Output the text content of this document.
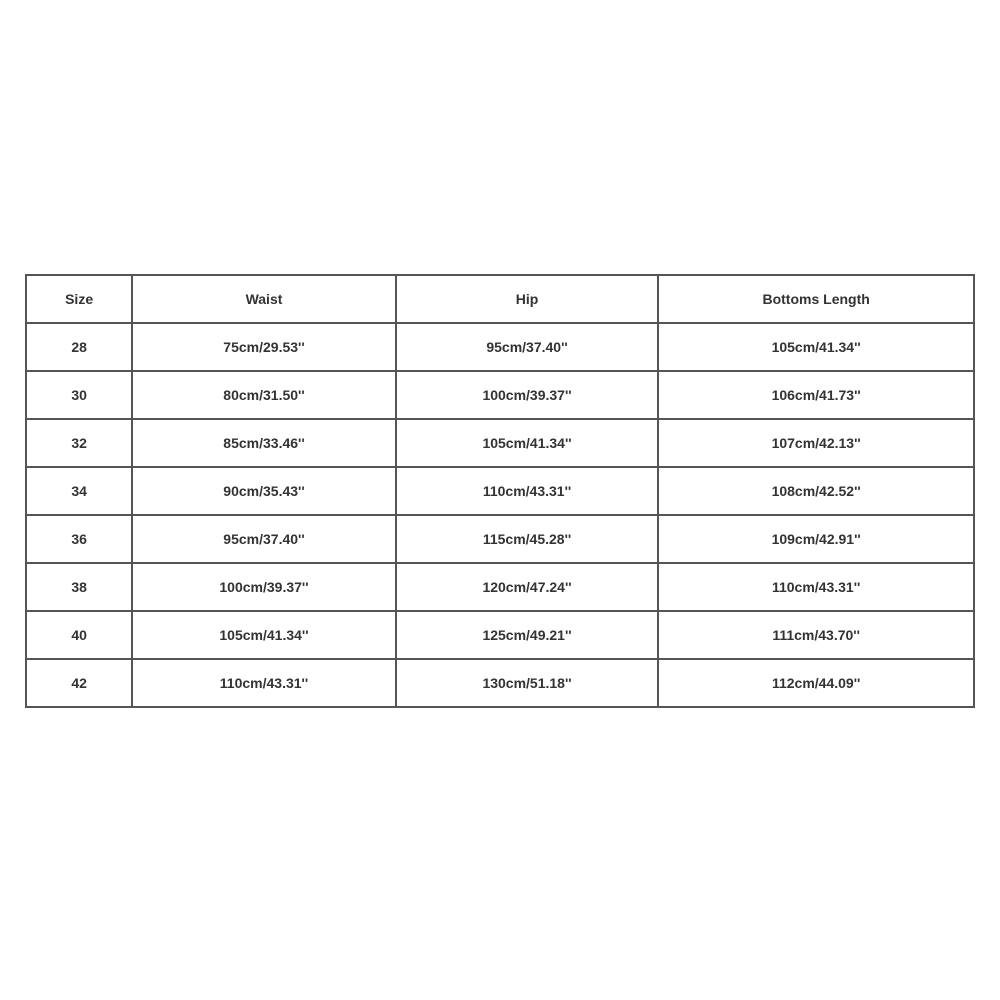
Size	Waist	Hip	Bottoms Length
28	75cm/29.53''	95cm/37.40''	105cm/41.34''
30	80cm/31.50''	100cm/39.37''	106cm/41.73''
32	85cm/33.46''	105cm/41.34''	107cm/42.13''
34	90cm/35.43''	110cm/43.31''	108cm/42.52''
36	95cm/37.40''	115cm/45.28''	109cm/42.91''
38	100cm/39.37''	120cm/47.24''	110cm/43.31''
40	105cm/41.34''	125cm/49.21''	111cm/43.70''
42	110cm/43.31''	130cm/51.18''	112cm/44.09''
